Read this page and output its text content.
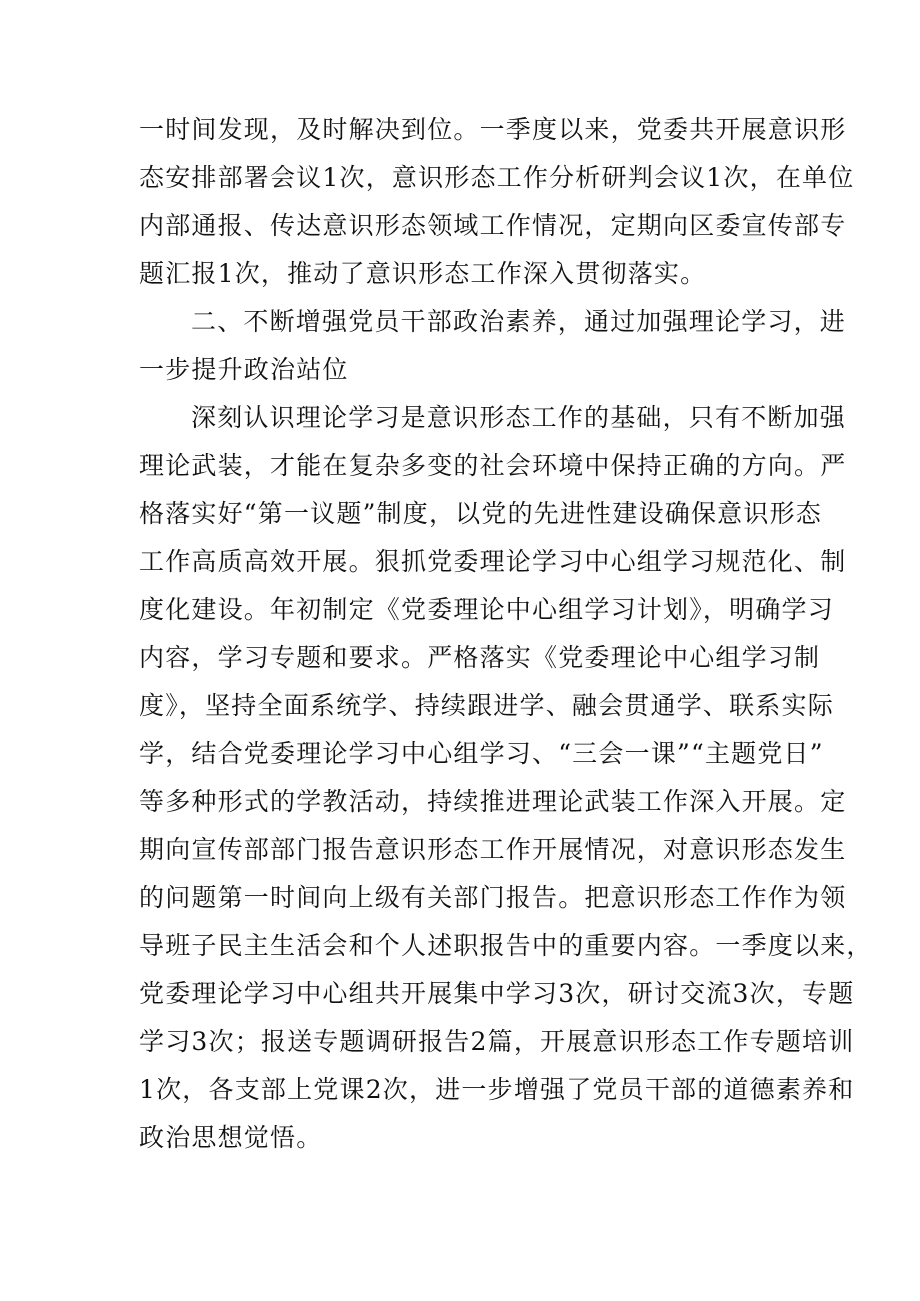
一时间发现，及时解决到位。一季度以来，党委共开展意识形
态安排部署会议1次，意识形态工作分析研判会议1次，在单位
内部通报、传达意识形态领域工作情况，定期向区委宣传部专
题汇报1次，推动了意识形态工作深入贯彻落实。
二、不断增强党员干部政治素养，通过加强理论学习，进
一步提升政治站位
深刻认识理论学习是意识形态工作的基础，只有不断加强
理论武装，才能在复杂多变的社会环境中保持正确的方向。严
格落实好“第一议题”制度，以党的先进性建设确保意识形态
工作高质高效开展。狠抓党委理论学习中心组学习规范化、制
度化建设。年初制定《党委理论中心组学习计划》，明确学习
内容，学习专题和要求。严格落实《党委理论中心组学习制
度》，坚持全面系统学、持续跟进学、融会贯通学、联系实际
学，结合党委理论学习中心组学习、“三会一课”“主题党日”
等多种形式的学教活动，持续推进理论武装工作深入开展。定
期向宣传部部门报告意识形态工作开展情况，对意识形态发生
的问题第一时间向上级有关部门报告。把意识形态工作作为领
导班子民主生活会和个人述职报告中的重要内容。一季度以来，
党委理论学习中心组共开展集中学习3次，研讨交流3次，专题
学习3次；报送专题调研报告2篇，开展意识形态工作专题培训
1次，各支部上党课2次，进一步增强了党员干部的道德素养和
政治思想觉悟。
